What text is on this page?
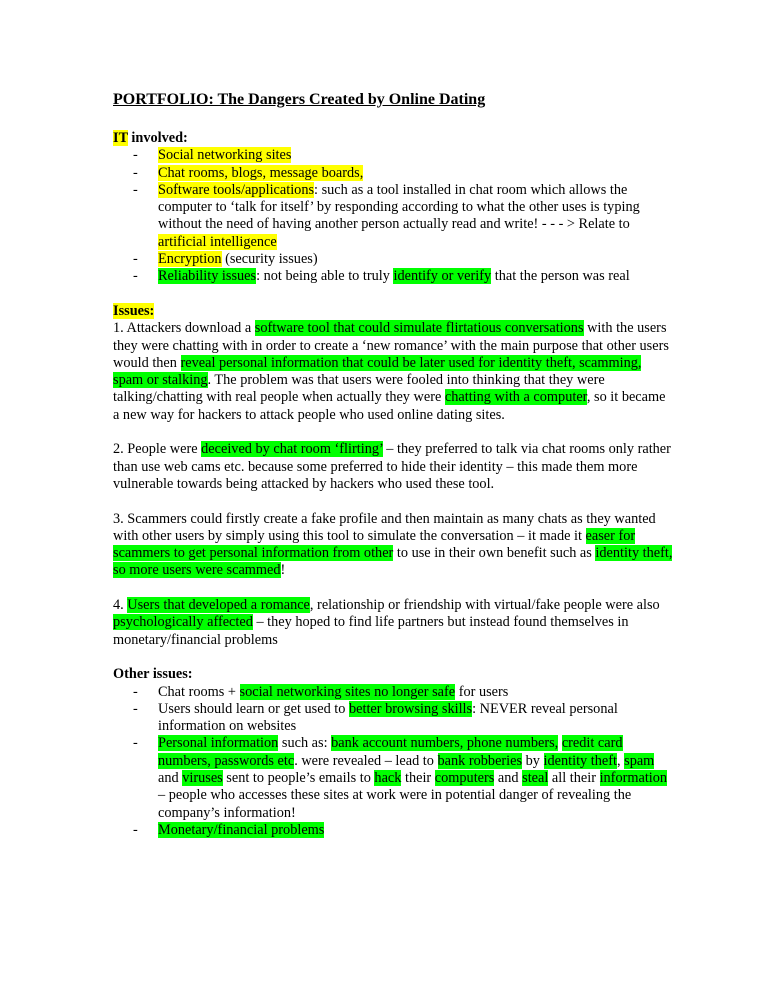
PORTFOLIO: The Dangers Created by Online Dating
IT involved:
- Social networking sites
- Chat rooms, blogs, message boards,
- Software tools/applications: such as a tool installed in chat room which allows the computer to ‘talk for itself’ by responding according to what the other uses is typing without the need of having another person actually read and write! - - - > Relate to artificial intelligence
- Encryption (security issues)
- Reliability issues: not being able to truly identify or verify that the person was real
Issues:

1. Attackers download a software tool that could simulate flirtatious conversations with the users they were chatting with in order to create a ‘new romance’ with the main purpose that other users would then reveal personal information that could be later used for identity theft, scamming, spam or stalking. The problem was that users were fooled into thinking that they were talking/chatting with real people when actually they were chatting with a computer, so it became a new way for hackers to attack people who used online dating sites.

2. People were deceived by chat room ‘flirting’ – they preferred to talk via chat rooms only rather than use web cams etc. because some preferred to hide their identity – this made them more vulnerable towards being attacked by hackers who used these tool.

3. Scammers could firstly create a fake profile and then maintain as many chats as they wanted with other users by simply using this tool to simulate the conversation – it made it easer for scammers to get personal information from other to use in their own benefit such as identity theft, so more users were scammed!

4. Users that developed a romance, relationship or friendship with virtual/fake people were also psychologically affected – they hoped to find life partners but instead found themselves in monetary/financial problems

Other issues:
- Chat rooms + social networking sites no longer safe for users
- Users should learn or get used to better browsing skills: NEVER reveal personal information on websites
- Personal information such as: bank account numbers, phone numbers, credit card numbers, passwords etc. were revealed – lead to bank robberies by identity theft, spam and viruses sent to people’s emails to hack their computers and steal all their information – people who accesses these sites at work were in potential danger of revealing the company’s information!
- Monetary/financial problems
